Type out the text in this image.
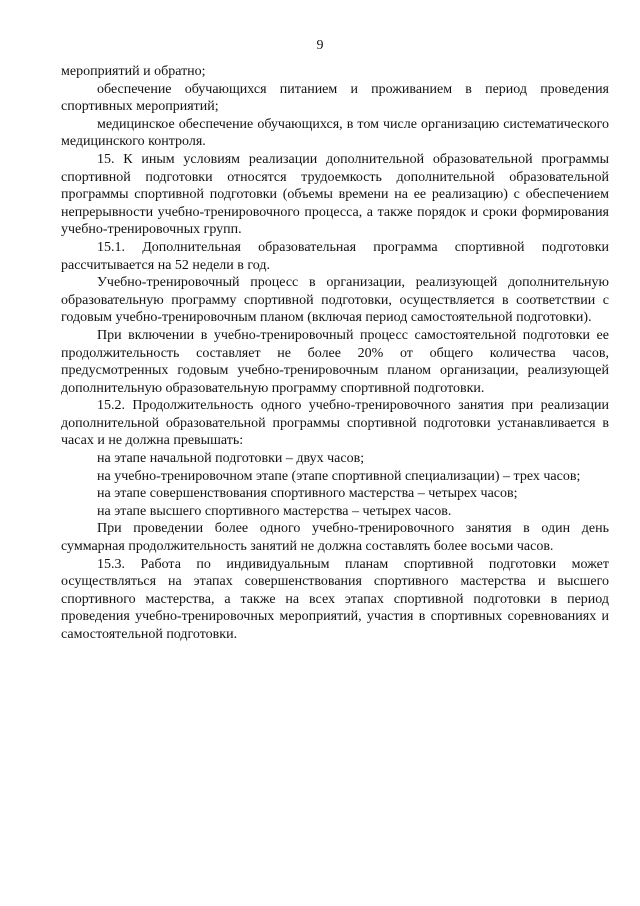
9

мероприятий и обратно;

обеспечение обучающихся питанием и проживанием в период проведения спортивных мероприятий;

медицинское обеспечение обучающихся, в том числе организацию систематического медицинского контроля.

15. К иным условиям реализации дополнительной образовательной программы спортивной подготовки относятся трудоемкость дополнительной образовательной программы спортивной подготовки (объемы времени на ее реализацию) с обеспечением непрерывности учебно-тренировочного процесса, а также порядок и сроки формирования учебно-тренировочных групп.

15.1. Дополнительная образовательная программа спортивной подготовки рассчитывается на 52 недели в год.

Учебно-тренировочный процесс в организации, реализующей дополнительную образовательную программу спортивной подготовки, осуществляется в соответствии с годовым учебно-тренировочным планом (включая период самостоятельной подготовки).

При включении в учебно-тренировочный процесс самостоятельной подготовки ее продолжительность составляет не более 20% от общего количества часов, предусмотренных годовым учебно-тренировочным планом организации, реализующей дополнительную образовательную программу спортивной подготовки.

15.2. Продолжительность одного учебно-тренировочного занятия при реализации дополнительной образовательной программы спортивной подготовки устанавливается в часах и не должна превышать:

на этапе начальной подготовки – двух часов;

на учебно-тренировочном этапе (этапе спортивной специализации) – трех часов;

на этапе совершенствования спортивного мастерства – четырех часов;

на этапе высшего спортивного мастерства – четырех часов.

При проведении более одного учебно-тренировочного занятия в один день суммарная продолжительность занятий не должна составлять более восьми часов.

15.3. Работа по индивидуальным планам спортивной подготовки может осуществляться на этапах совершенствования спортивного мастерства и высшего спортивного мастерства, а также на всех этапах спортивной подготовки в период проведения учебно-тренировочных мероприятий, участия в спортивных соревнованиях и самостоятельной подготовки.
